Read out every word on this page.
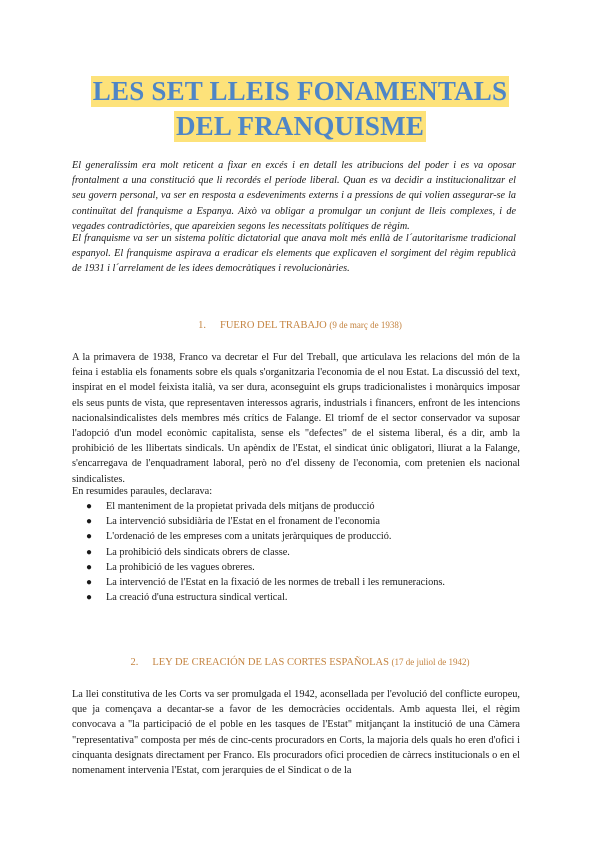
LES SET LLEIS FONAMENTALS
DEL FRANQUISME

El generalíssim era molt reticent a fixar en excés i en detall les atribucions del poder i es va oposar frontalment a una constitució que li recordés el període liberal. Quan es va decidir a institucionalitzar el seu govern personal, va ser en resposta a esdeveniments externs i a pressions de qui volien assegurar-se la continuïtat del franquisme a Espanya. Això va obligar a promulgar un conjunt de lleis complexes, i de vegades contradictòries, que apareixien segons les necessitats polítiques de règim.

El franquisme va ser un sistema polític dictatorial que anava molt més enllà de l´autoritarisme tradicional espanyol. El franquisme aspirava a eradicar els elements que explicaven el sorgiment del règim republicà de 1931 i l´arrelament de les idees democràtiques i revolucionàries.

1. FUERO DEL TRABAJO (9 de març de 1938)

A la primavera de 1938, Franco va decretar el Fur del Treball, que articulava les relacions del món de la feina i establia els fonaments sobre els quals s'organitzaria l'economia de el nou Estat. La discussió del text, inspirat en el model feixista italià, va ser dura, aconseguint els grups tradicionalistes i monàrquics imposar els seus punts de vista, que representaven interessos agraris, industrials i financers, enfront de les intencions nacionalsindicalistes dels membres més crítics de Falange. El triomf de el sector conservador va suposar l'adopció d'un model econòmic capitalista, sense els "defectes" de el sistema liberal, és a dir, amb la prohibició de les llibertats sindicals. Un apèndix de l'Estat, el sindicat únic obligatori, lliurat a la Falange, s'encarregava de l'enquadrament laboral, però no d'el disseny de l'economia, com pretenien els nacional sindicalistes.

En resumides paraules, declarava:

● El manteniment de la propietat privada dels mitjans de producció
● La intervenció subsidiària de l'Estat en el fronament de l'economia
● L'ordenació de les empreses com a unitats jeràrquiques de producció.
● La prohibició dels sindicats obrers de classe.
● La prohibició de les vagues obreres.
● La intervenció de l'Estat en la fixació de les normes de treball i les remuneracions.
● La creació d'una estructura sindical vertical.
2. LEY DE CREACIÓN DE LAS CORTES ESPAÑOLAS (17 de juliol de 1942)

La llei constitutiva de les Corts va ser promulgada el 1942, aconsellada per l'evolució del conflicte europeu, que ja començava a decantar-se a favor de les democràcies occidentals. Amb aquesta llei, el règim convocava a "la participació de el poble en les tasques de l'Estat" mitjançant la institució de una Càmera "representativa" composta per més de cinc-cents procuradors en Corts, la majoria dels quals ho eren d'ofici i cinquanta designats directament per Franco. Els procuradors ofici procedien de càrrecs institucionals o en el nomenament intervenia l'Estat, com jerarquies de el Sindicat o de la
